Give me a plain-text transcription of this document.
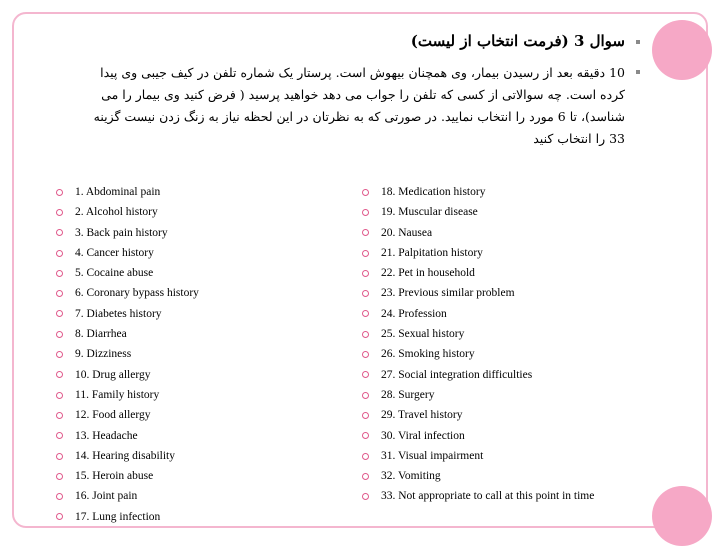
سوال 3 (فرمت انتخاب از لیست)
10 دقیقه بعد از رسیدن بیمار، وی همچنان بیهوش است. پرستار یک شماره تلفن در کیف جیبی وی پیدا کرده است. چه سوالاتی از کسی که تلفن را جواب می دهد خواهید پرسید ( فرض کنید وی بیمار را می شناسد)، تا 6 مورد را انتخاب نمایید. در صورتی که به نظرتان در این لحظه نیاز به زنگ زدن نیست گزینه 33 را انتخاب کنید
1. Abdominal pain
2. Alcohol history
3. Back pain history
4. Cancer history
5. Cocaine abuse
6. Coronary bypass history
7. Diabetes history
8. Diarrhea
9. Dizziness
10. Drug allergy
11. Family history
12. Food allergy
13. Headache
14. Hearing disability
15. Heroin abuse
16. Joint pain
17. Lung infection
18. Medication history
19. Muscular disease
20. Nausea
21. Palpitation history
22. Pet in household
23. Previous similar problem
24. Profession
25. Sexual history
26. Smoking history
27. Social integration difficulties
28. Surgery
29. Travel history
30. Viral infection
31. Visual impairment
32. Vomiting
33. Not appropriate to call at this point in time
